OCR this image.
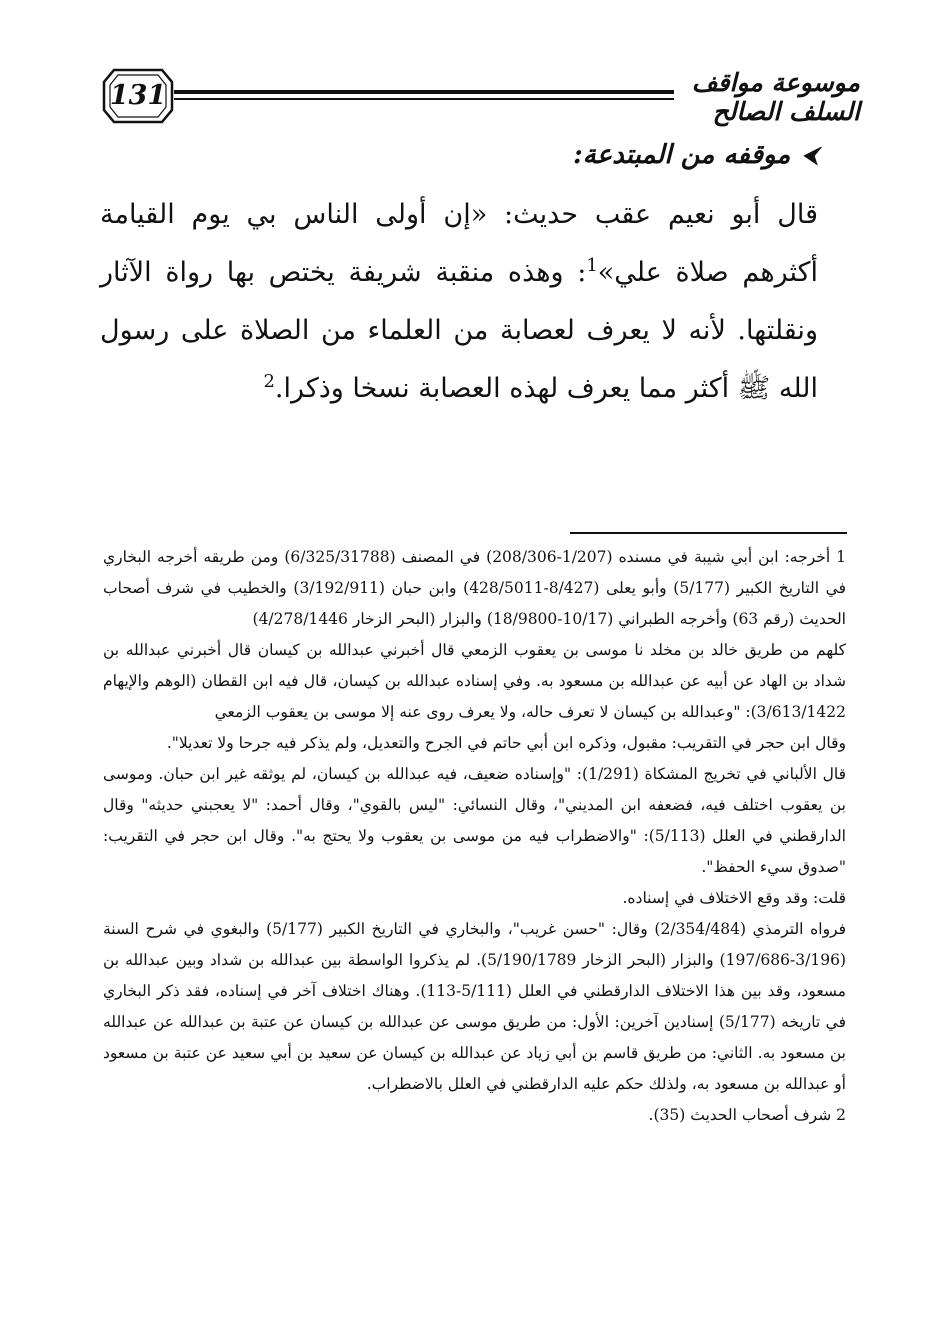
131	موسوعة مواقف السلف الصالح
⮜
موقفه من المبتدعة:

قال أبو نعيم عقب حديث: «إن أولى الناس بي يوم القيامة أكثرهم صلاة علي»$^1$: وهذه منقبة شريفة يختص بها رواة الآثار ونقلتها. لأنه لا يعرف لعصابة من العلماء من الصلاة على رسول الله ﷺ أكثر مما يعرف لهذه العصابة نسخا وذكرا.$^2$

1 أخرجه: ابن أبي شيبة في مسنده (1/207-208/306) في المصنف (6/325/31788) ومن طريقه أخرجه البخاري في التاريخ الكبير (5/177) وأبو يعلى (8/427-428/5011) وابن حبان (3/192/911) والخطيب في شرف أصحاب الحديث (رقم 63) وأخرجه الطبراني (10/17-18/9800) والبزار (البحر الزخار 4/278/1446)

كلهم من طريق خالد بن مخلد نا موسى بن يعقوب الزمعي قال أخبرني عبدالله بن كيسان قال أخبرني عبدالله بن شداد بن الهاد عن أبيه عن عبدالله بن مسعود به. وفي إسناده عبدالله بن كيسان، قال فيه ابن القطان (الوهم والإيهام 3/613/1422): "وعبدالله بن كيسان لا تعرف حاله، ولا يعرف روى عنه إلا موسى بن يعقوب الزمعي

وقال ابن حجر في التقريب: مقبول، وذكره ابن أبي حاتم في الجرح والتعديل، ولم يذكر فيه جرحا ولا تعديلا".

قال الألباني في تخريج المشكاة (1/291): "وإسناده ضعيف، فيه عبدالله بن كيسان، لم يوثقه غير ابن حبان. وموسى بن يعقوب اختلف فيه، فضعفه ابن المديني"، وقال النسائي: "ليس بالقوي"، وقال أحمد: "لا يعجبني حديثه" وقال الدارقطني في العلل (5/113): "والاضطراب فيه من موسى بن يعقوب ولا يحتج به". وقال ابن حجر في التقريب: "صدوق سيء الحفظ".

قلت: وقد وقع الاختلاف في إسناده.

فرواه الترمذي (2/354/484) وقال: "حسن غريب"، والبخاري في التاريخ الكبير (5/177) والبغوي في شرح السنة (3/196-197/686) والبزار (البحر الزخار 5/190/1789). لم يذكروا الواسطة بين عبدالله بن شداد وبين عبدالله بن مسعود، وقد بين هذا الاختلاف الدارقطني في العلل (5/111-113). وهناك اختلاف آخر في إسناده، فقد ذكر البخاري في تاريخه (5/177) إسنادين آخرين: الأول: من طريق موسى عن عبدالله بن كيسان عن عتبة بن عبدالله عن عبدالله بن مسعود به. الثاني: من طريق قاسم بن أبي زياد عن عبدالله بن كيسان عن سعيد بن أبي سعيد عن عتبة بن مسعود أو عبدالله بن مسعود به، ولذلك حكم عليه الدارقطني في العلل بالاضطراب.

2 شرف أصحاب الحديث (35).
